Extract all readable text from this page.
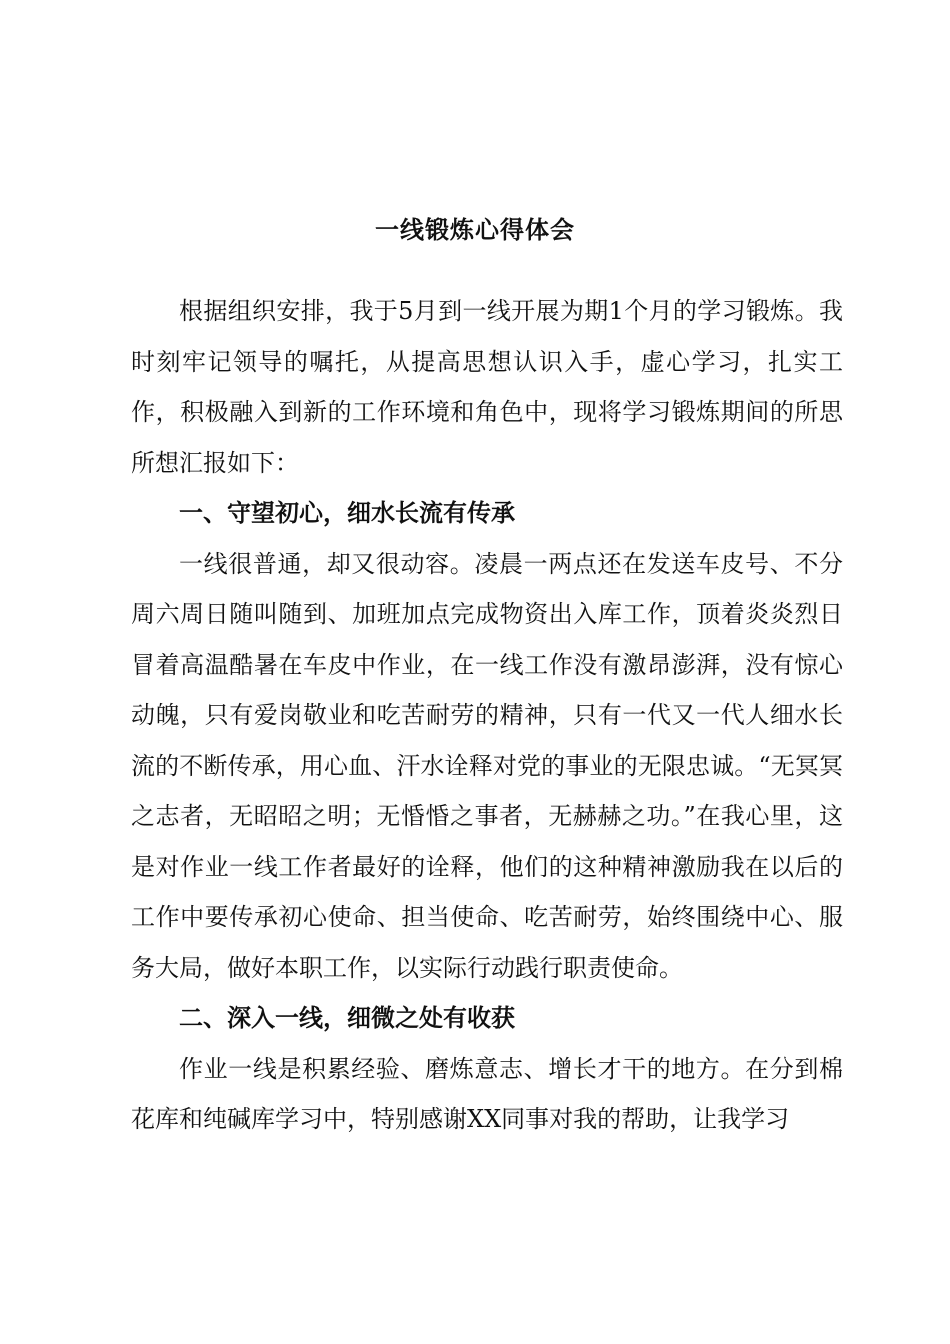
一线锻炼心得体会

根据组织安排，我于5月到一线开展为期1个月的学习锻炼。我时刻牢记领导的嘱托，从提高思想认识入手，虚心学习，扎实工作，积极融入到新的工作环境和角色中，现将学习锻炼期间的所思所想汇报如下：

一、守望初心，细水长流有传承

一线很普通，却又很动容。凌晨一两点还在发送车皮号、不分周六周日随叫随到、加班加点完成物资出入库工作，顶着炎炎烈日冒着高温酷暑在车皮中作业，在一线工作没有激昂澎湃，没有惊心动魄，只有爱岗敬业和吃苦耐劳的精神，只有一代又一代人细水长流的不断传承，用心血、汗水诠释对党的事业的无限忠诚。“无冥冥之志者，无昭昭之明；无惛惛之事者，无赫赫之功。”在我心里，这是对作业一线工作者最好的诠释，他们的这种精神激励我在以后的工作中要传承初心使命、担当使命、吃苦耐劳，始终围绕中心、服务大局，做好本职工作，以实际行动践行职责使命。

二、深入一线，细微之处有收获

作业一线是积累经验、磨炼意志、增长才干的地方。在分到棉花库和纯碱库学习中，特别感谢XX同事对我的帮助，让我学习
